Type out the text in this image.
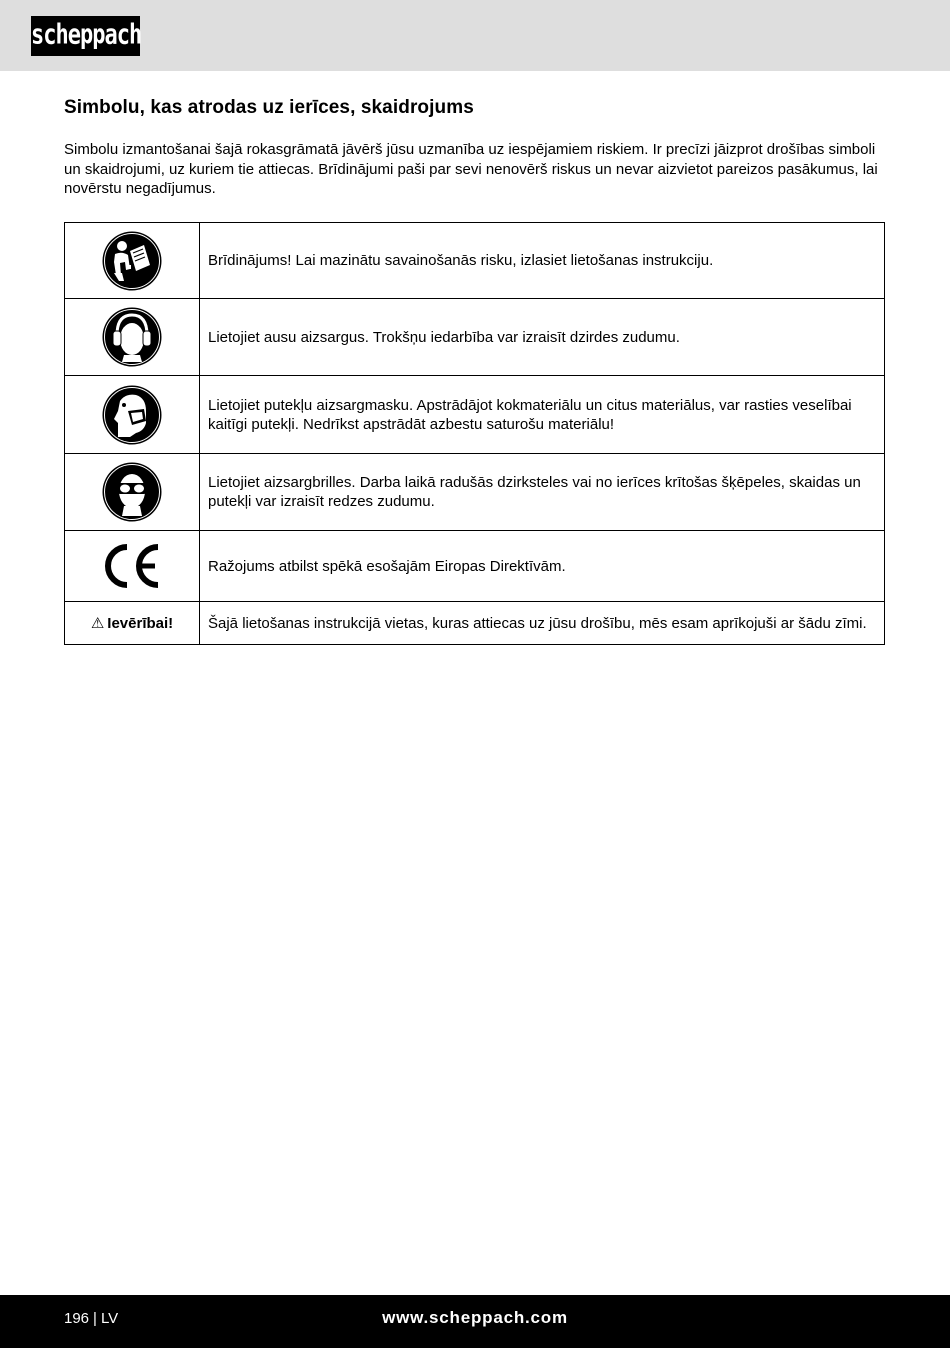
scheppach
Simbolu, kas atrodas uz ierīces, skaidrojums

Simbolu izmantošanai šajā rokasgrāmatā jāvērš jūsu uzmanība uz iespējamiem riskiem. Ir precīzi jāizprot drošības simboli un skaidrojumi, uz kuriem tie attiecas. Brīdinājumi paši par sevi nenovērš riskus un nevar aizvietot pareizos pasākumus, lai novērstu negadījumus.

	Brīdinājums! Lai mazinātu savainošanās risku, izlasiet lietošanas instrukciju.

	Lietojiet ausu aizsargus. Trokšņu iedarbība var izraisīt dzirdes zudumu.

	Lietojiet putekļu aizsargmasku. Apstrādājot kokmateriālu un citus materiālus, var rasties veselībai kaitīgi putekļi. Nedrīkst apstrādāt azbestu saturošu materiālu!

	Lietojiet aizsargbrilles. Darba laikā radušās dzirksteles vai no ierīces krītošas šķēpeles, skaidas un putekļi var izraisīt redzes zudumu.

	Ražojums atbilst spēkā esošajām Eiropas Direktīvām.
⚠ Ievērībai!	Šajā lietošanas instrukcijā vietas, kuras attiecas uz jūsu drošību, mēs esam aprīkojuši ar šādu zīmi.
196 | LV	www.scheppach.com
